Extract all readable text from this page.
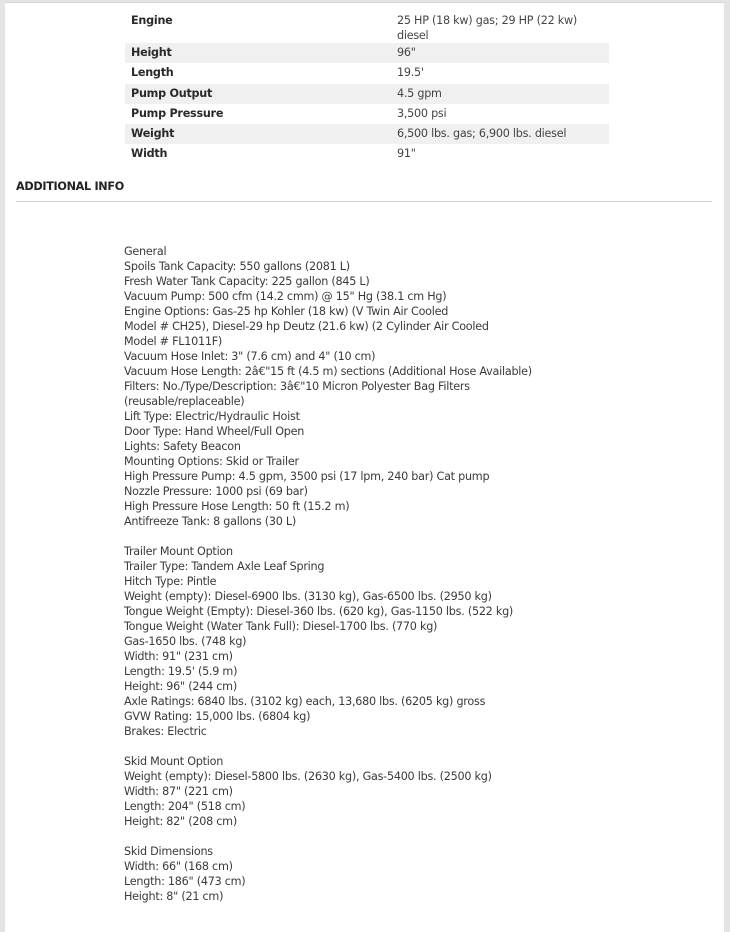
Engine	25 HP (18 kw) gas; 29 HP (22 kw) diesel
Height	96"
Length	19.5'
Pump Output	4.5 gpm
Pump Pressure	3,500 psi
Weight	6,500 lbs. gas; 6,900 lbs. diesel
Width	91"
ADDITIONAL INFO
General
Spoils Tank Capacity: 550 gallons (2081 L)
Fresh Water Tank Capacity: 225 gallon (845 L)
Vacuum Pump: 500 cfm (14.2 cmm) @ 15" Hg (38.1 cm Hg)
Engine Options: Gas-25 hp Kohler (18 kw) (V Twin Air Cooled
Model # CH25), Diesel-29 hp Deutz (21.6 kw) (2 Cylinder Air Cooled
Model # FL1011F)
Vacuum Hose Inlet: 3" (7.6 cm) and 4" (10 cm)
Vacuum Hose Length: 2â€"15 ft (4.5 m) sections (Additional Hose Available)
Filters: No./Type/Description: 3â€"10 Micron Polyester Bag Filters
(reusable/replaceable)
Lift Type: Electric/Hydraulic Hoist
Door Type: Hand Wheel/Full Open
Lights: Safety Beacon
Mounting Options: Skid or Trailer
High Pressure Pump: 4.5 gpm, 3500 psi (17 lpm, 240 bar) Cat pump
Nozzle Pressure: 1000 psi (69 bar)
High Pressure Hose Length: 50 ft (15.2 m)
Antifreeze Tank: 8 gallons (30 L)
Trailer Mount Option
Trailer Type: Tandem Axle Leaf Spring
Hitch Type: Pintle
Weight (empty): Diesel-6900 lbs. (3130 kg), Gas-6500 lbs. (2950 kg)
Tongue Weight (Empty): Diesel-360 lbs. (620 kg), Gas-1150 lbs. (522 kg)
Tongue Weight (Water Tank Full): Diesel-1700 lbs. (770 kg)
Gas-1650 lbs. (748 kg)
Width: 91" (231 cm)
Length: 19.5' (5.9 m)
Height: 96" (244 cm)
Axle Ratings: 6840 lbs. (3102 kg) each, 13,680 lbs. (6205 kg) gross
GVW Rating: 15,000 lbs. (6804 kg)
Brakes: Electric
Skid Mount Option
Weight (empty): Diesel-5800 lbs. (2630 kg), Gas-5400 lbs. (2500 kg)
Width: 87" (221 cm)
Length: 204" (518 cm)
Height: 82" (208 cm)
Skid Dimensions
Width: 66" (168 cm)
Length: 186" (473 cm)
Height: 8" (21 cm)
